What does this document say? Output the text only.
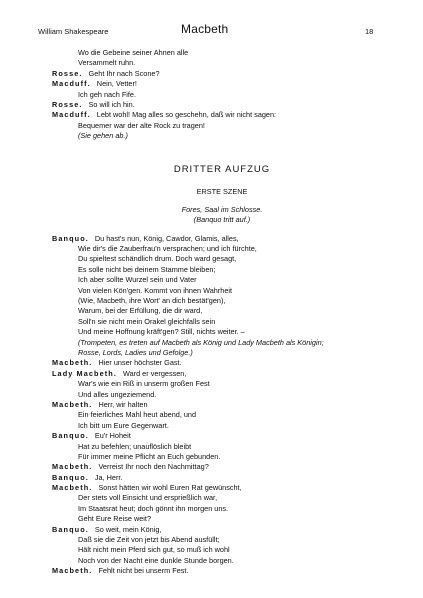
William Shakespeare	Macbeth	18
Wo die Gebeine seiner Ahnen alle
Versammelt ruhn.
Rosse. Geht Ihr nach Scone?
Macduff. Nein, Vetter!
Ich geh nach Fife.
Rosse. So will ich hin.
Macduff. Lebt wohl! Mag alles so geschehn, daß wir nicht sagen:
Bequemer war der alte Rock zu tragen!
(Sie gehen ab.)
DRITTER AUFZUG
ERSTE SZENE
Fores, Saal im Schlosse.
(Banquo tritt auf.)
Banquo. Du hast's nun, König, Cawdor, Glamis, alles,
Wie dir's die Zauberfrau'n versprachen; und ich fürchte,
Du spieltest schändlich drum. Doch ward gesagt,
Es solle nicht bei deinem Stamme bleiben;
Ich aber sollte Wurzel sein und Vater
Von vielen Kön'gen. Kommt von ihnen Wahrheit
(Wie, Macbeth, ihre Wort' an dich bestät'gen),
Warum, bei der Erfüllung, die dir ward,
Soll'n sie nicht mein Orakel gleichfalls sein
Und meine Hoffnung kräft'gen? Still, nichts weiter. –
(Trompeten, es treten auf Macbeth als König und Lady Macbeth als Königin;
Rosse, Lords, Ladies und Gefolge.)
Macbeth. Hier unser höchster Gast.
Lady Macbeth. Ward er vergessen,
War's wie ein Riß in unserm großen Fest
Und alles ungeziemend.
Macbeth. Herr, wir halten
Ein feierliches Mahl heut abend, und
Ich bitt um Eure Gegenwart.
Banquo. Eu'r Hoheit
Hat zu befehlen; unauflöslich bleibt
Für immer meine Pflicht an Euch gebunden.
Macbeth. Verreist Ihr noch den Nachmittag?
Banquo. Ja, Herr.
Macbeth. Sonst hätten wir wohl Euren Rat gewünscht,
Der stets voll Einsicht und ersprießlich war,
Im Staatsrat heut; doch gönnt ihn morgen uns.
Geht Eure Reise weit?
Banquo. So weit, mein König,
Daß sie die Zeit von jetzt bis Abend ausfüllt;
Hält nicht mein Pferd sich gut, so muß ich wohl
Noch von der Nacht eine dunkle Stunde borgen.
Macbeth. Fehlt nicht bei unserm Fest.
